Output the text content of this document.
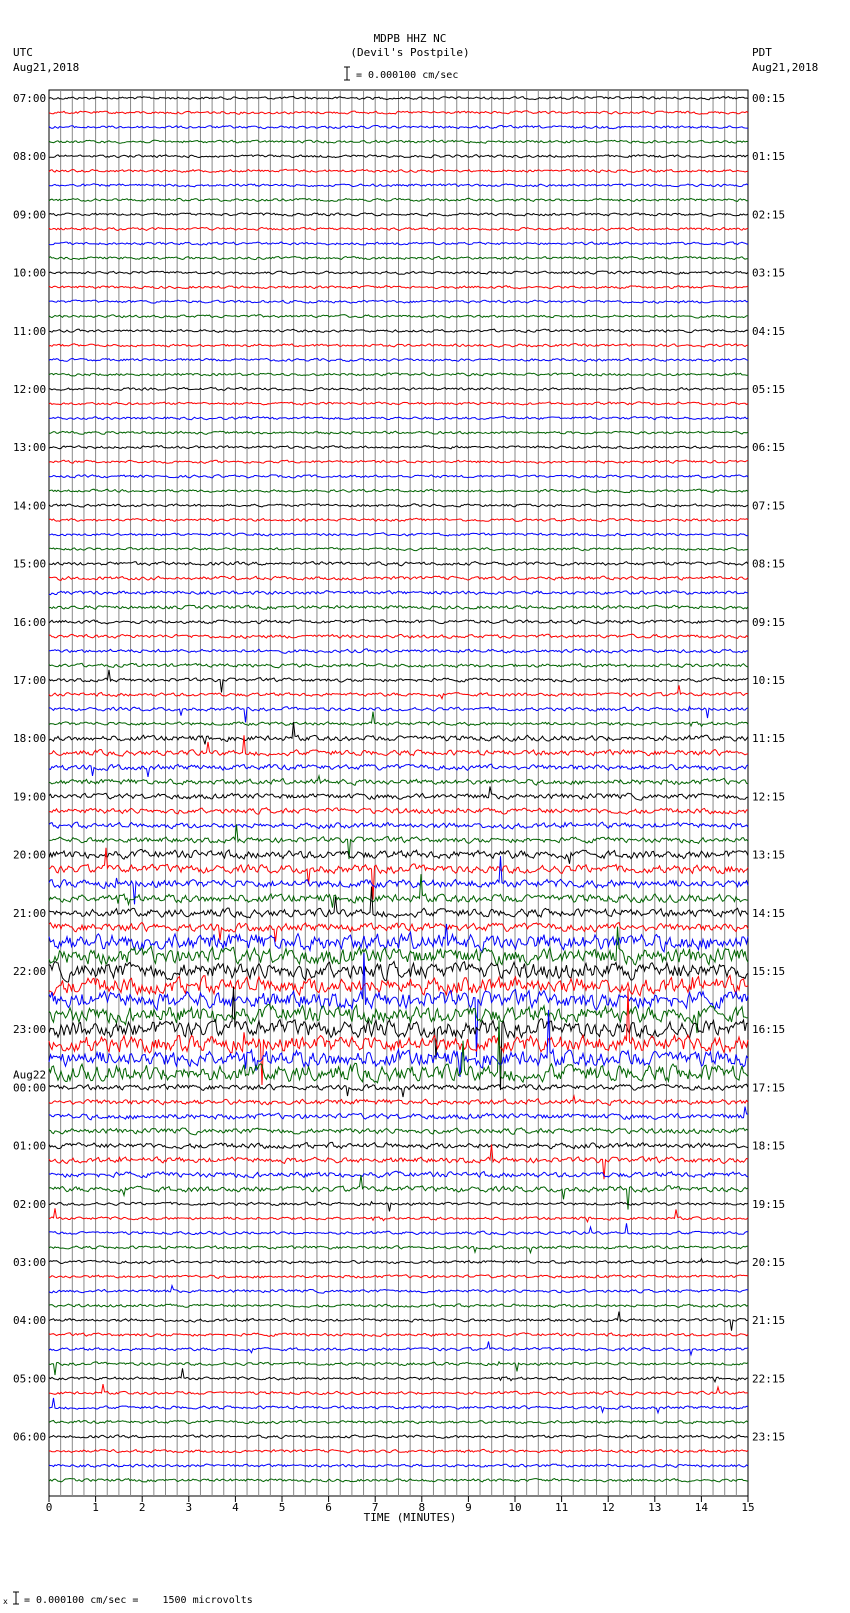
MDPB HHZ NC
(Devil's Postpile)
UTC
Aug21,2018
PDT
Aug21,2018
= 0.000100 cm/sec
07:00
08:00
09:00
10:00
11:00
12:00
13:00
14:00
15:00
16:00
17:00
18:00
19:00
20:00
21:00
22:00
23:00
Aug22
00:00
01:00
02:00
03:00
04:00
05:00
06:00
00:15
01:15
02:15
03:15
04:15
05:15
06:15
07:15
08:15
09:15
10:15
11:15
12:15
13:15
14:15
15:15
16:15
17:15
18:15
19:15
20:15
21:15
22:15
23:15
0	1	2	3	4	5	6	7	8	9	10	11	12	13	14	15
TIME (MINUTES)
x = 0.000100 cm/sec =    1500 microvolts
